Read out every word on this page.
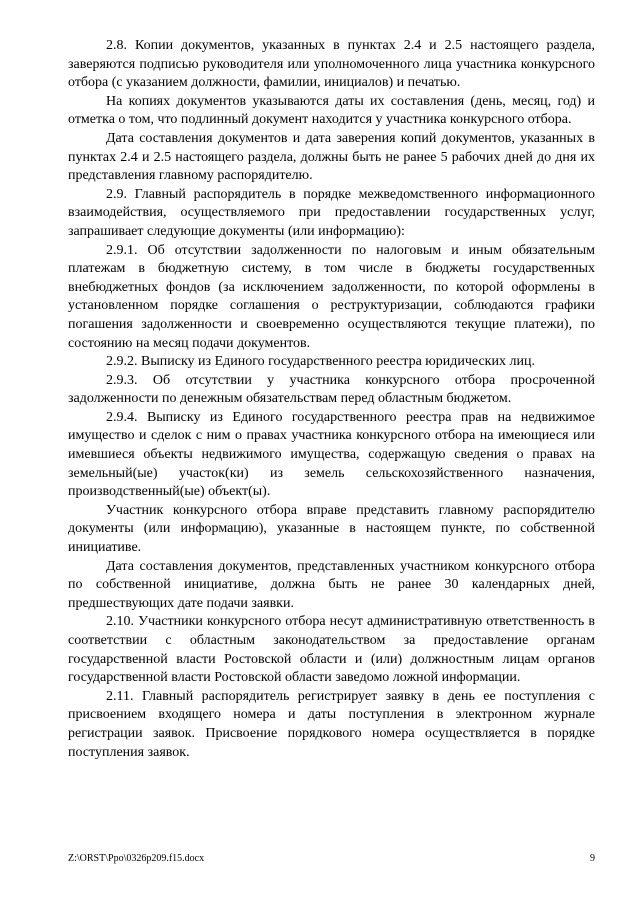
2.8. Копии документов, указанных в пунктах 2.4 и 2.5 настоящего раздела, заверяются подписью руководителя или уполномоченного лица участника конкурсного отбора (с указанием должности, фамилии, инициалов) и печатью.

На копиях документов указываются даты их составления (день, месяц, год) и отметка о том, что подлинный документ находится у участника конкурсного отбора.

Дата составления документов и дата заверения копий документов, указанных в пунктах 2.4 и 2.5 настоящего раздела, должны быть не ранее 5 рабочих дней до дня их представления главному распорядителю.

2.9. Главный распорядитель в порядке межведомственного информационного взаимодействия, осуществляемого при предоставлении государственных услуг, запрашивает следующие документы (или информацию):

2.9.1. Об отсутствии задолженности по налоговым и иным обязательным платежам в бюджетную систему, в том числе в бюджеты государственных внебюджетных фондов (за исключением задолженности, по которой оформлены в установленном порядке соглашения о реструктуризации, соблюдаются графики погашения задолженности и своевременно осуществляются текущие платежи), по состоянию на месяц подачи документов.

2.9.2. Выписку из Единого государственного реестра юридических лиц.

2.9.3. Об отсутствии у участника конкурсного отбора просроченной задолженности по денежным обязательствам перед областным бюджетом.

2.9.4. Выписку из Единого государственного реестра прав на недвижимое имущество и сделок с ним о правах участника конкурсного отбора на имеющиеся или имевшиеся объекты недвижимого имущества, содержащую сведения о правах на земельный(ые) участок(ки) из земель сельскохозяйственного назначения, производственный(ые) объект(ы).

Участник конкурсного отбора вправе представить главному распорядителю документы (или информацию), указанные в настоящем пункте, по собственной инициативе.

Дата составления документов, представленных участником конкурсного отбора по собственной инициативе, должна быть не ранее 30 календарных дней, предшествующих дате подачи заявки.

2.10. Участники конкурсного отбора несут административную ответственность в соответствии с областным законодательством за предоставление органам государственной власти Ростовской области и (или) должностным лицам органов государственной власти Ростовской области заведомо ложной информации.

2.11. Главный распорядитель регистрирует заявку в день ее поступления с присвоением входящего номера и даты поступления в электронном журнале регистрации заявок. Присвоение порядкового номера осуществляется в порядке поступления заявок.

Z:\ORST\Ppo\0326p209.f15.docx	9
